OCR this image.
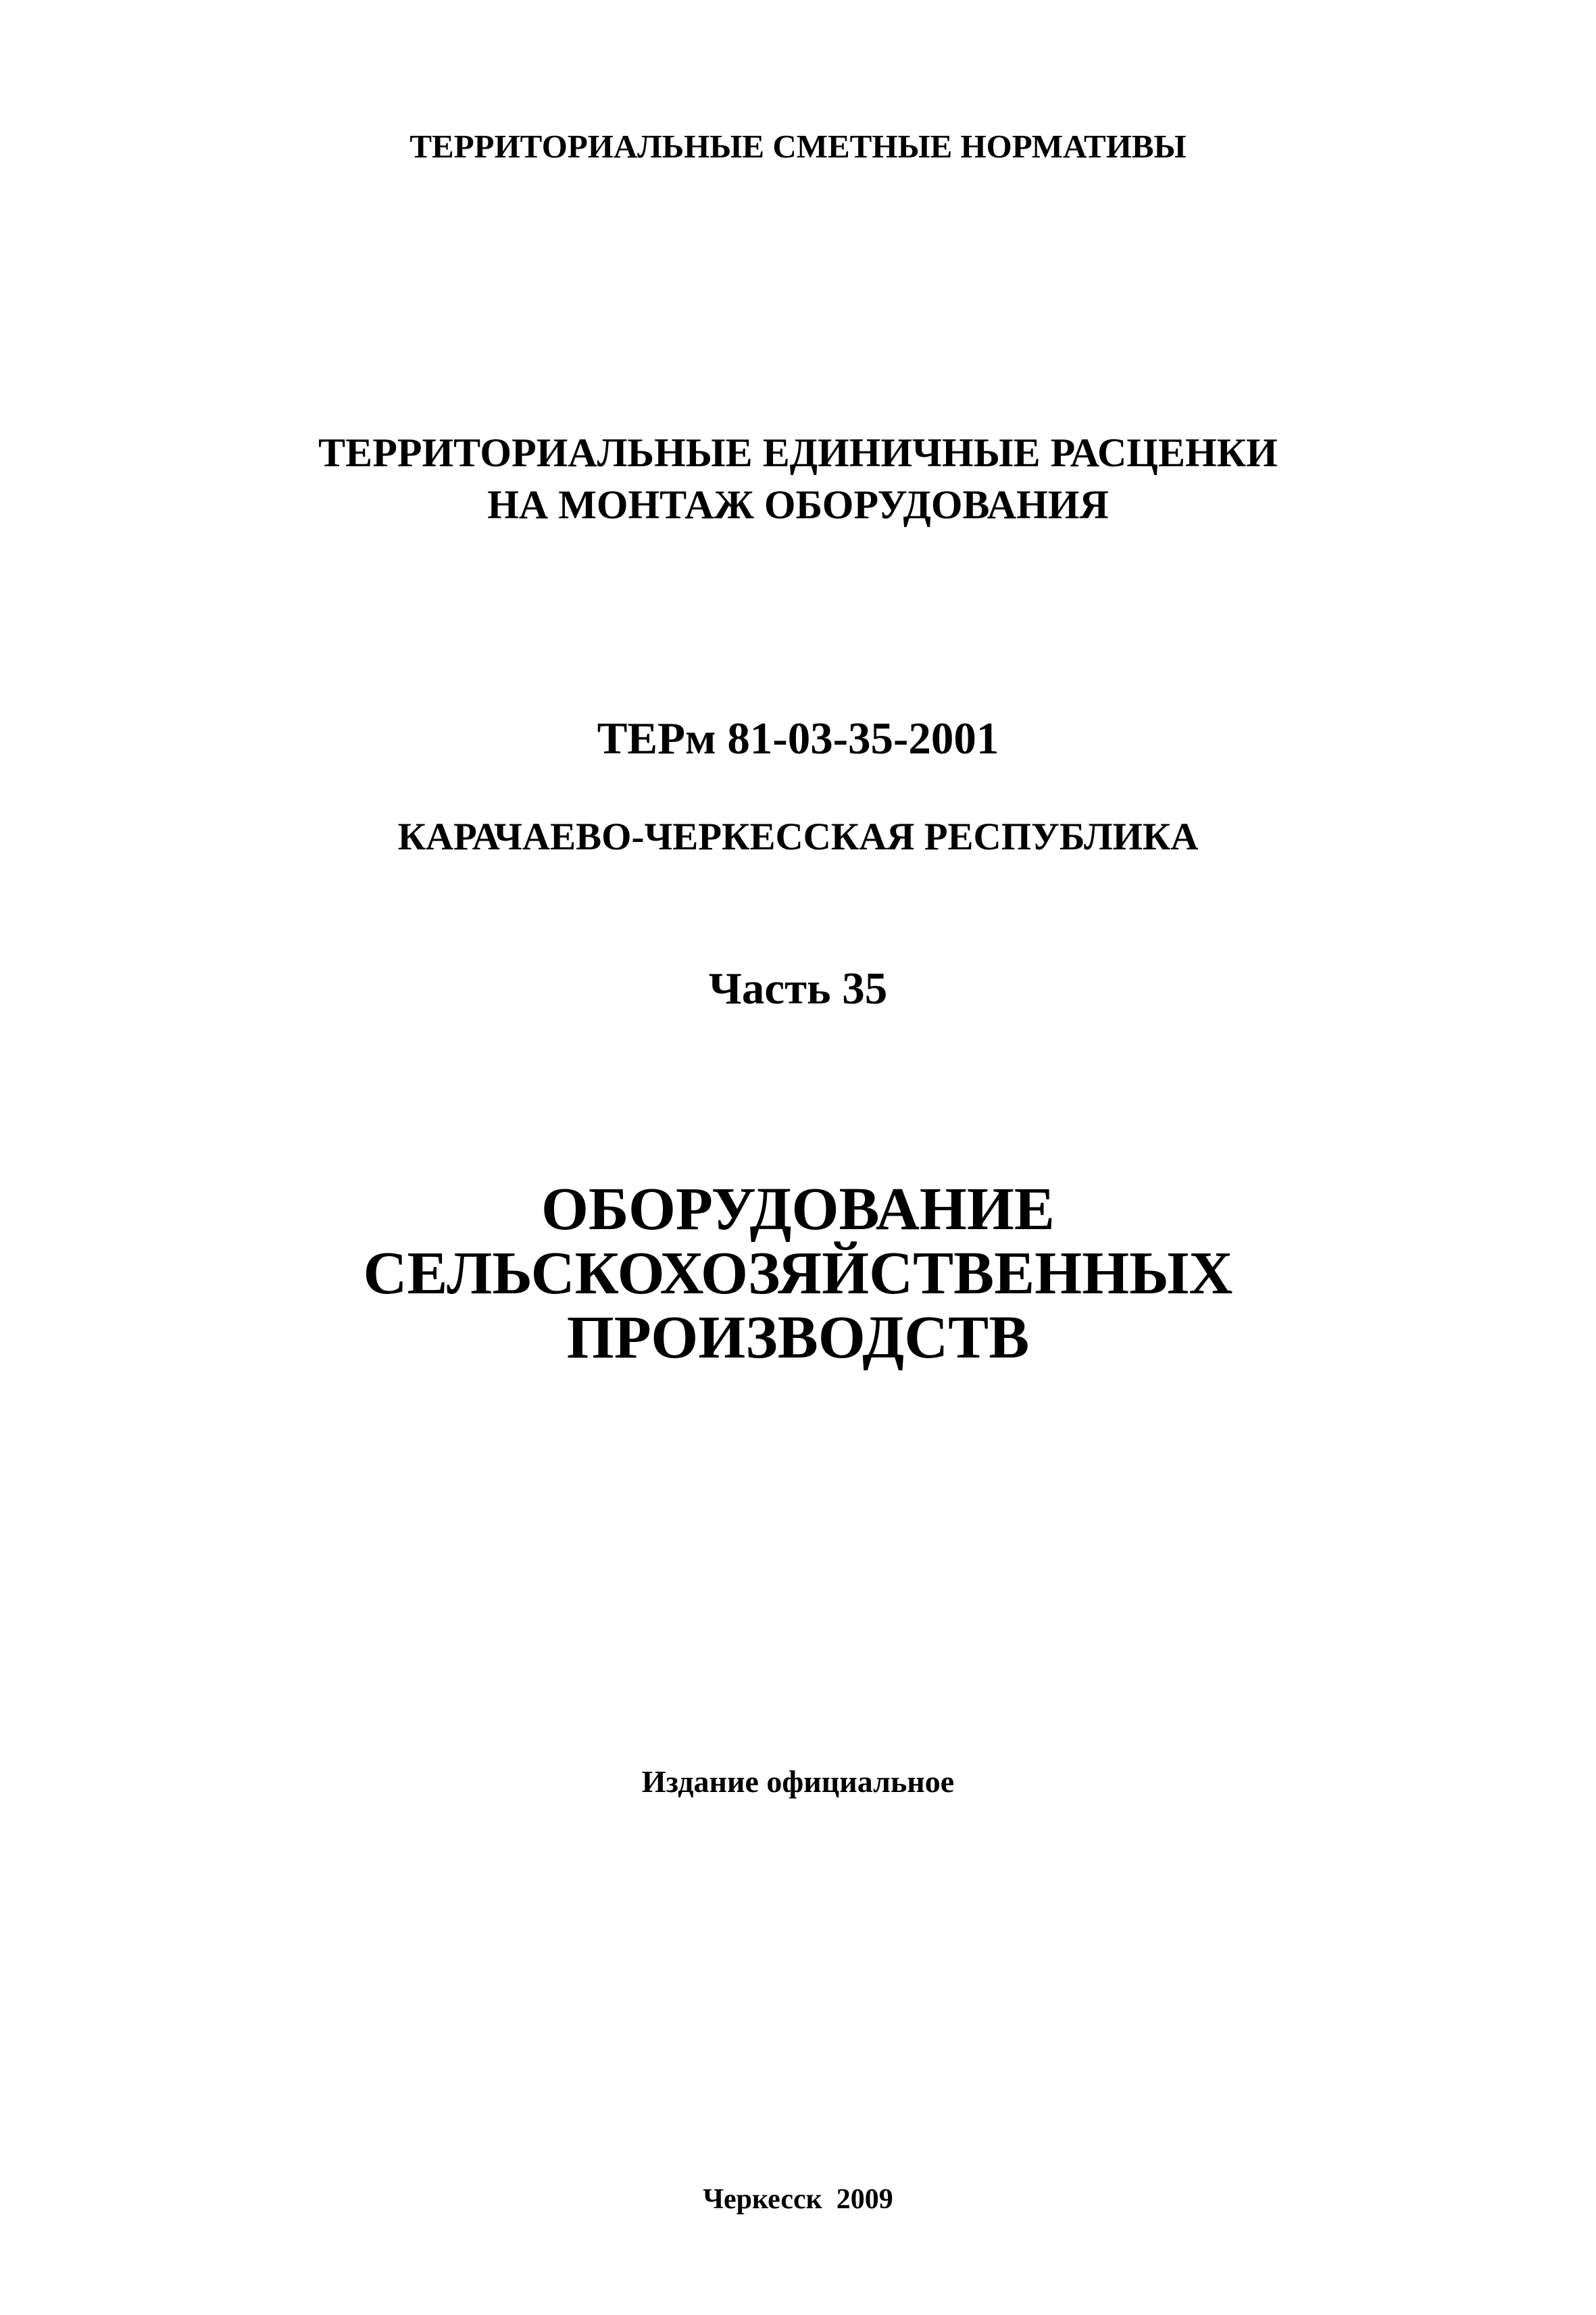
ТЕРРИТОРИАЛЬНЫЕ СМЕТНЫЕ НОРМАТИВЫ
ТЕРРИТОРИАЛЬНЫЕ ЕДИНИЧНЫЕ РАСЦЕНКИ
НА МОНТАЖ ОБОРУДОВАНИЯ
ТЕРм 81-03-35-2001
КАРАЧАЕВО-ЧЕРКЕССКАЯ РЕСПУБЛИКА
Часть 35
ОБОРУДОВАНИЕ
СЕЛЬСКОХОЗЯЙСТВЕННЫХ
ПРОИЗВОДСТВ
Издание официальное
Черкесск  2009
